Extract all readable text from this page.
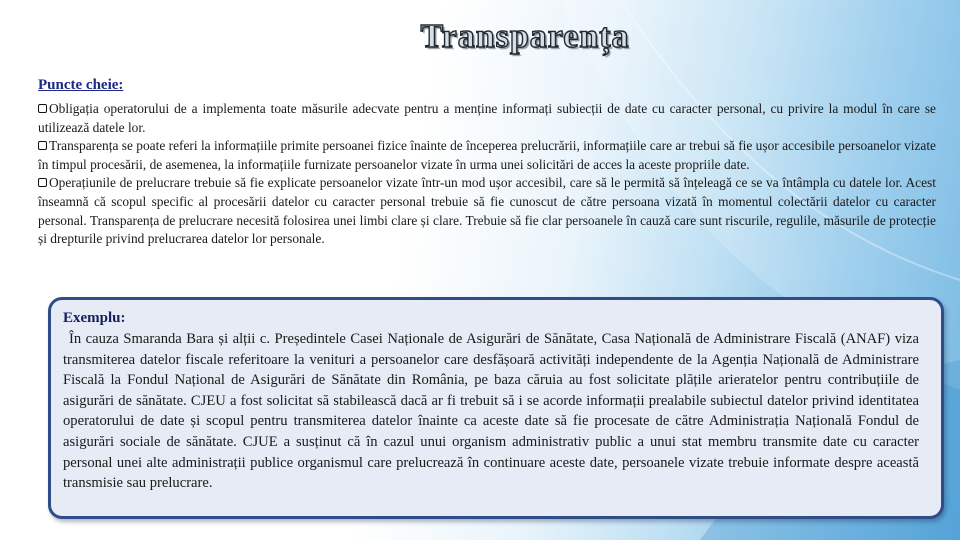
Transparența
Puncte cheie:

Obligația operatorului de a implementa toate măsurile adecvate pentru a menține informați subiecții de date cu caracter personal, cu privire la modul în care se utilizează datele lor.

Transparența se poate referi la informațiile primite persoanei fizice înainte de începerea prelucrării, informațiile care ar trebui să fie ușor accesibile persoanelor vizate în timpul procesării, de asemenea, la informațiile furnizate persoanelor vizate în urma unei solicitări de acces la aceste propriile date.

Operațiunile de prelucrare trebuie să fie explicate persoanelor vizate într-un mod ușor accesibil, care să le permită să înțeleagă ce se va întâmpla cu datele lor. Acest înseamnă că scopul specific al procesării datelor cu caracter personal trebuie să fie cunoscut de către persoana vizată în momentul colectării datelor cu caracter personal. Transparența de prelucrare necesită folosirea unei limbi clare și clare. Trebuie să fie clar persoanele în cauză care sunt riscurile, regulile, măsurile de protecție și drepturile privind prelucrarea datelor lor personale.

Exemplu:

În cauza Smaranda Bara și alții c. Președintele Casei Naționale de Asigurări de Sănătate, Casa Națională de Administrare Fiscală (ANAF) viza transmiterea datelor fiscale referitoare la venituri a persoanelor care desfășoară activități independente de la Agenția Națională de Administrare Fiscală la Fondul Național de Asigurări de Sănătate din România, pe baza căruia au fost solicitate plățile arieratelor pentru contribuțiile de asigurări de sănătate. CJEU a fost solicitat să stabilească dacă ar fi trebuit să i se acorde informații prealabile subiectul datelor privind identitatea operatorului de date și scopul pentru transmiterea datelor înainte ca aceste date să fie procesate de către Administrația Națională Fondul de asigurări sociale de sănătate. CJUE a susținut că în cazul unui organism administrativ public a unui stat membru transmite date cu caracter personal unei alte administrații publice organismul care prelucrează în continuare aceste date, persoanele vizate trebuie informate despre această transmisie sau prelucrare.
